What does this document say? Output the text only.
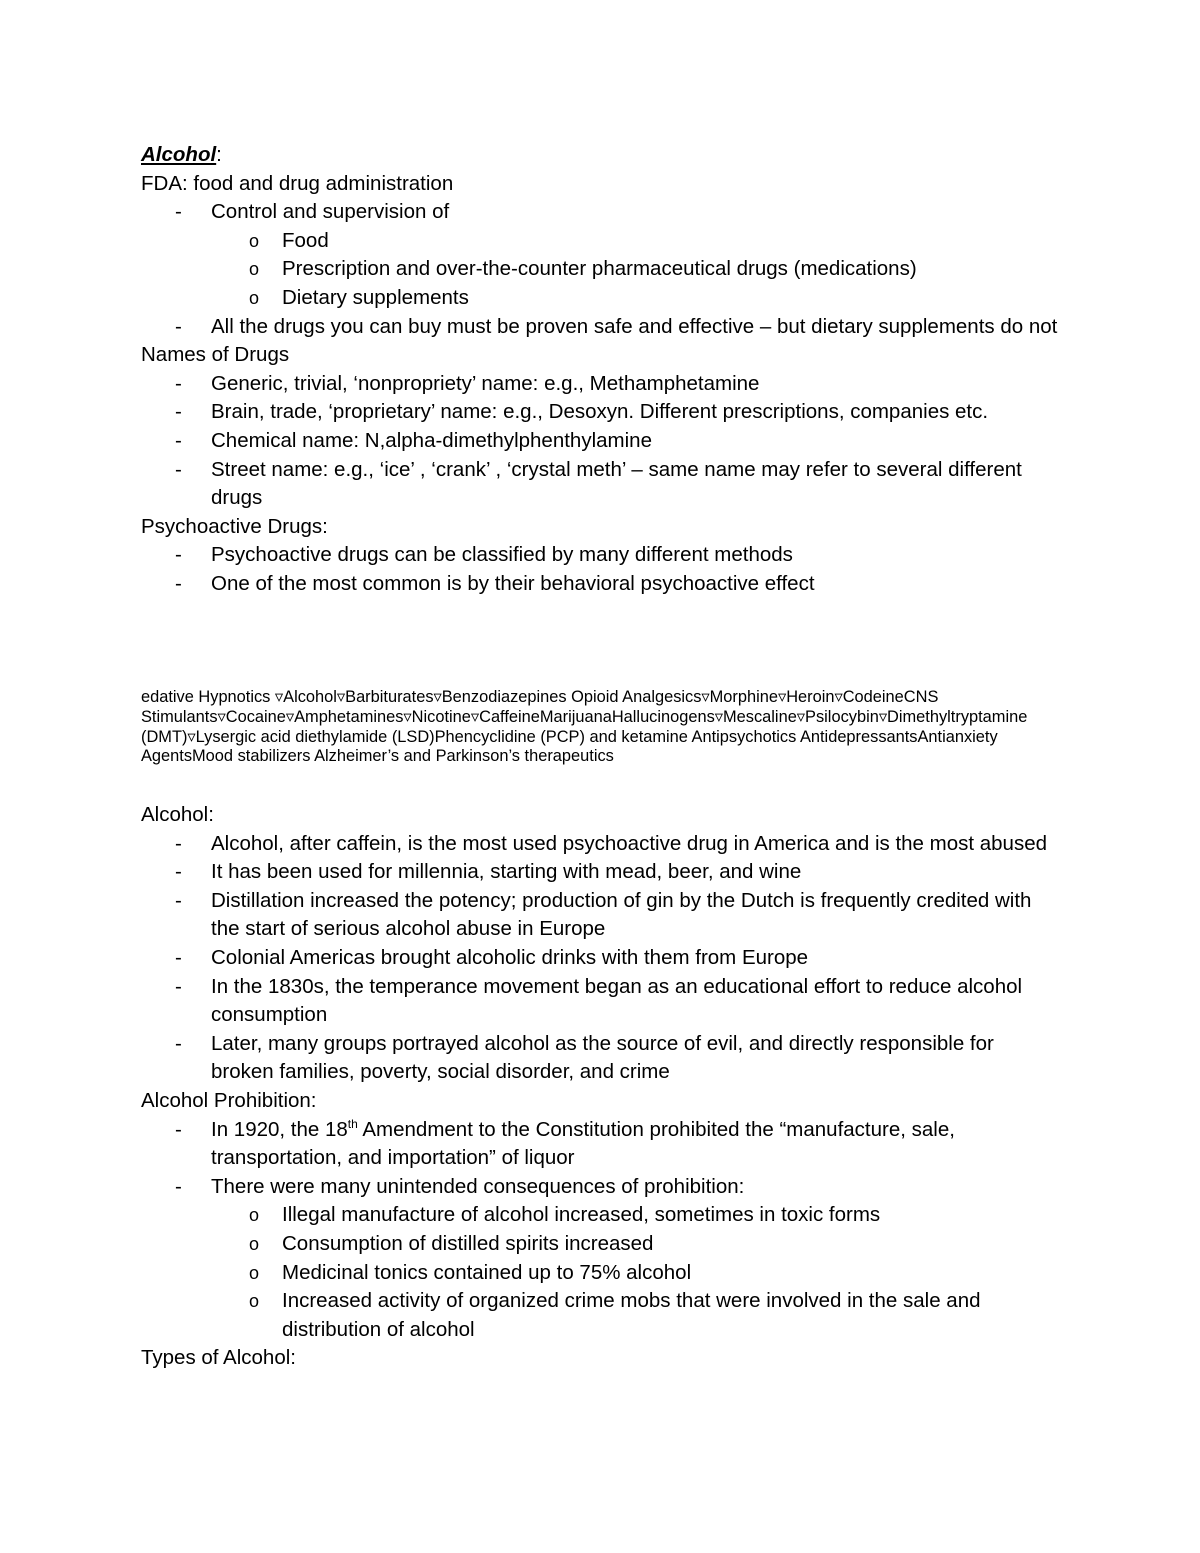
Alcohol:
FDA: food and drug administration
-	Control and supervision of
o Food
o Prescription and over-the-counter pharmaceutical drugs (medications)
o Dietary supplements
-	All the drugs you can buy must be proven safe and effective – but dietary supplements do not
Names of Drugs
-	Generic, trivial, ‘nonpropriety’ name: e.g., Methamphetamine
-	Brain, trade, ‘proprietary’ name: e.g., Desoxyn. Different prescriptions, companies etc.
-	Chemical name: N,alpha-dimethylphenthylamine
-	Street name: e.g., ‘ice’ , ‘crank’ , ‘crystal meth’ – same name may refer to several different drugs
Psychoactive Drugs:
-	Psychoactive drugs can be classified by many different methods
-	One of the most common is by their behavioral psychoactive effect
edative Hypnotics ▿Alcohol▿Barbiturates▿Benzodiazepines Opioid Analgesics▿Morphine▿Heroin▿CodeineCNS Stimulants▿Cocaine▿Amphetamines▿Nicotine▿CaffeineMarijuanaHallucinogens▿Mescaline▿Psilocybin▿Dimethyltryptamine (DMT)▿Lysergic acid diethylamide (LSD)Phencyclidine (PCP) and ketamine Antipsychotics AntidepressantsAntianxiety AgentsMood stabilizers Alzheimer’s and Parkinson’s therapeutics
Alcohol:
-	Alcohol, after caffein, is the most used psychoactive drug in America and is the most abused
-	It has been used for millennia, starting with mead, beer, and wine
-	Distillation increased the potency; production of gin by the Dutch is frequently credited with the start of serious alcohol abuse in Europe
-	Colonial Americas brought alcoholic drinks with them from Europe
-	In the 1830s, the temperance movement began as an educational effort to reduce alcohol consumption
-	Later, many groups portrayed alcohol as the source of evil, and directly responsible for broken families, poverty, social disorder, and crime
Alcohol Prohibition:
-	In 1920, the 18th Amendment to the Constitution prohibited the “manufacture, sale, transportation, and importation” of liquor
-	There were many unintended consequences of prohibition:
o Illegal manufacture of alcohol increased, sometimes in toxic forms
o Consumption of distilled spirits increased
o Medicinal tonics contained up to 75% alcohol
o Increased activity of organized crime mobs that were involved in the sale and distribution of alcohol
Types of Alcohol:
